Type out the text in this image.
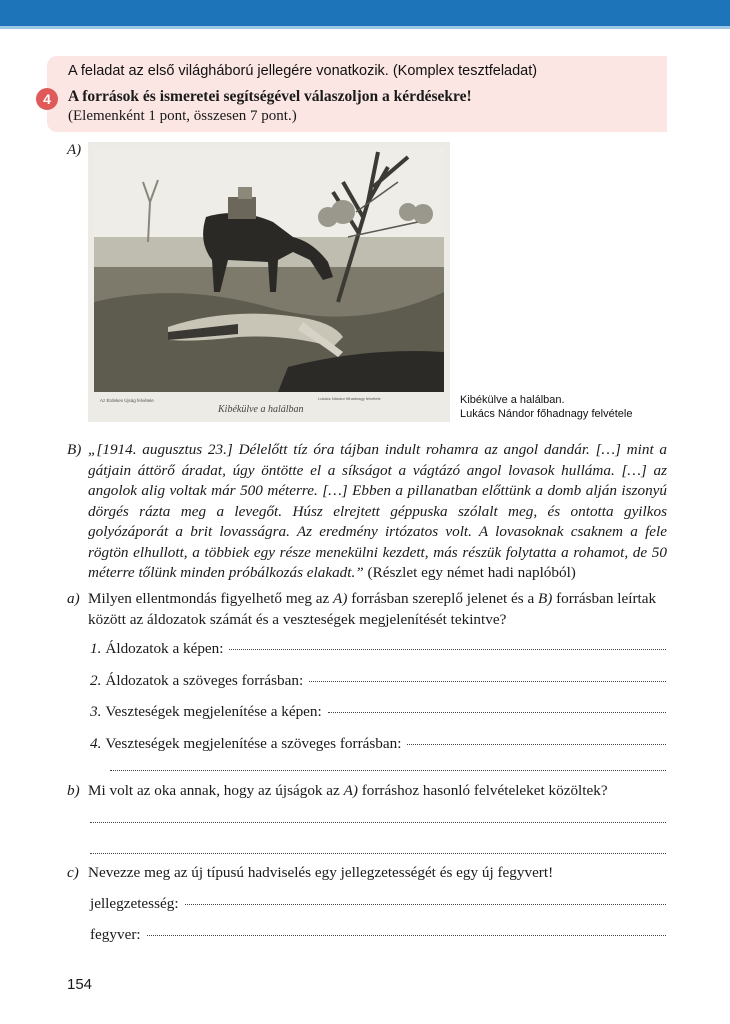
A feladat az első világháború jellegére vonatkozik. (Komplex tesztfeladat)
4	A források és ismeretei segítségével válaszoljon a kérdésekre!
(Elemenként 1 pont, összesen 7 pont.)
A)
Az Érdekes Újság felvétele	Lukács Nándor főhadnagy felvétele
Kibékülve a halálban
Kibékülve a halálban.
Lukács Nándor főhadnagy felvétele
B) „[1914. augusztus 23.] Délelőtt tíz óra tájban indult rohamra az angol dandár. […] mint a gátjain áttörő áradat, úgy öntötte el a síkságot a vágtázó angol lovasok hulláma. […] az angolok alig voltak már 500 méterre. […] Ebben a pillanatban előttünk a domb alján iszonyú dörgés rázta meg a levegőt. Húsz elrejtett géppuska szólalt meg, és ontotta gyilkos golyózáporát a brit lovasságra. Az eredmény irtózatos volt. A lovasoknak csaknem a fele rögtön elhullott, a többiek egy része menekülni kezdett, más részük folytatta a rohamot, de 50 méterre tőlünk minden próbálkozás elakadt.” (Részlet egy német hadi naplóból)
a) Milyen ellentmondás figyelhető meg az A) forrásban szereplő jelenet és a B) forrásban leírtak között az áldozatok számát és a veszteségek megjelenítését tekintve?
1. Áldozatok a képen:
2. Áldozatok a szöveges forrásban:
3. Veszteségek megjelenítése a képen:
4. Veszteségek megjelenítése a szöveges forrásban:
b) Mi volt az oka annak, hogy az újságok az A) forráshoz hasonló felvételeket közöltek?
c) Nevezze meg az új típusú hadviselés egy jellegzetességét és egy új fegyvert!
jellegzetesség:
fegyver:
154
